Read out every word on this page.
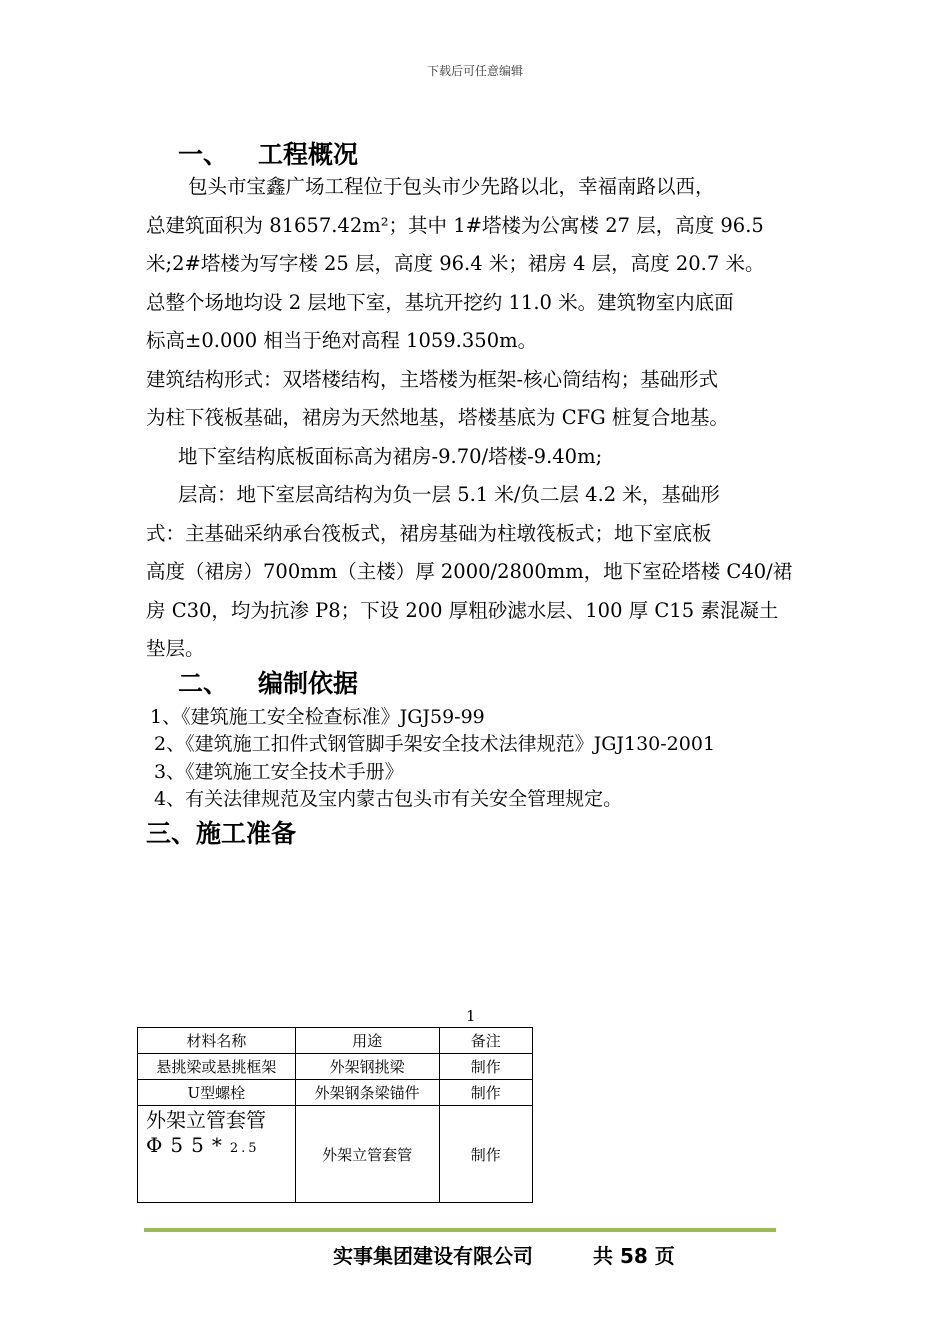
下载后可任意编辑
一、 工程概况

包头市宝鑫广场工程位于包头市少先路以北，幸福南路以西，

总建筑面积为 81657.42m²；其中 1#塔楼为公寓楼 27 层，高度 96.5

米;2#塔楼为写字楼 25 层，高度 96.4 米；裙房 4 层，高度 20.7 米。

总整个场地均设 2 层地下室，基坑开挖约 11.0 米。建筑物室内底面

标高±0.000 相当于绝对高程 1059.350m。

建筑结构形式：双塔楼结构，主塔楼为框架-核心筒结构；基础形式

为柱下筏板基础，裙房为天然地基，塔楼基底为 CFG 桩复合地基。

地下室结构底板面标高为裙房-9.70/塔楼-9.40m;

层高：地下室层高结构为负一层 5.1 米/负二层 4.2 米，基础形

式：主基础采纳承台筏板式，裙房基础为柱墩筏板式；地下室底板

高度（裙房）700mm（主楼）厚 2000/2800mm，地下室砼塔楼 C40/裙

房 C30，均为抗渗 P8；下设 200 厚粗砂滤水层、100 厚 C15 素混凝土

垫层。

二、 编制依据

1、《建筑施工安全检查标准》JGJ59-99

2、《建筑施工扣件式钢管脚手架安全技术法律规范》JGJ130-2001

3、《建筑施工安全技术手册》

4、有关法律规范及宝内蒙古包头市有关安全管理规定。

三、施工准备
1
材料名称	用途	备注
悬挑梁或悬挑框架	外架钢挑梁	制作
U型螺栓	外架钢条梁锚件	制作

外架立管套管
Φ55*2.5	外架立管套管	制作
实事集团建设有限公司	共 58 页
